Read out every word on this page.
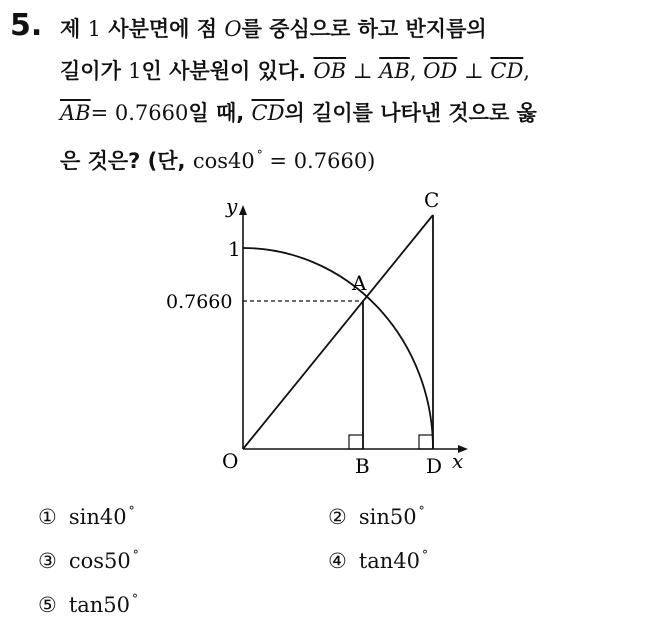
5. 제 1 사분면에 점 O를 중심으로 하고 반지름의
길이가 1인 사분원이 있다. $\overline{OB}$ ⊥ $\overline{AB}$, $\overline{OD}$ ⊥ $\overline{CD}$,
$\overline{AB}= 0.7660$일 때, $\overline{CD}$의 길이를 나타낸 것으로 옳
은 것은? (단, cos40 ° = 0.7660)
y
x
O
1
0.7660
A
B
C
D
① sin40 °	② sin50 °
③ cos50 °	④ tan40 °
⑤ tan50 °
